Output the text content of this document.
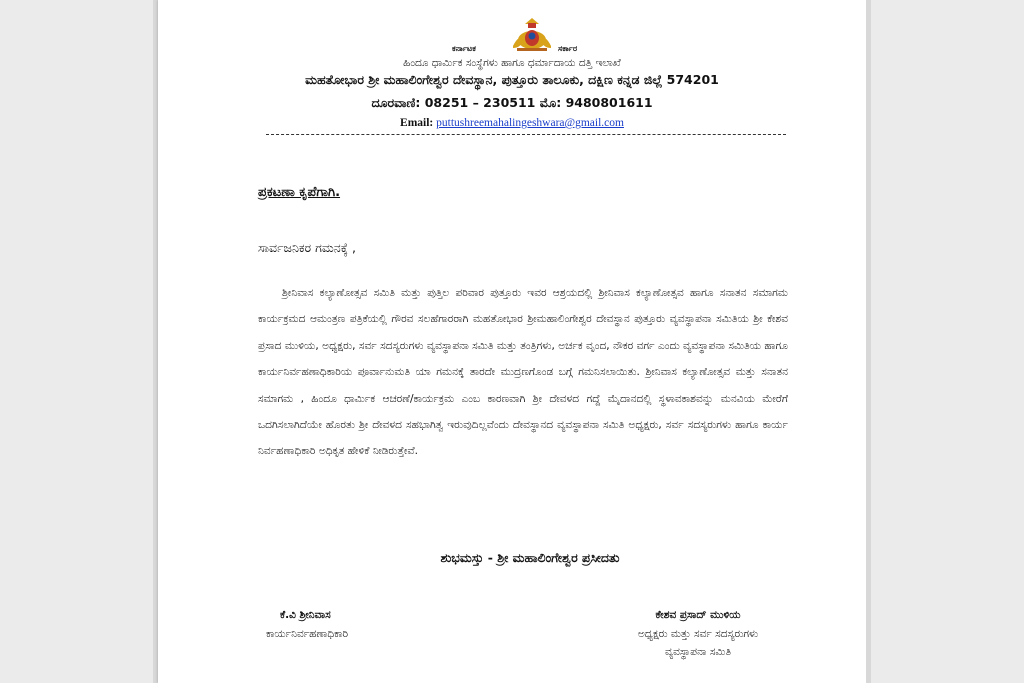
ಕರ್ನಾಟಕ	ಸರ್ಕಾರ
ಹಿಂದೂ ಧಾರ್ಮಿಕ ಸಂಸ್ಥೆಗಳು ಹಾಗೂ ಧರ್ಮಾದಾಯ ದತ್ತಿ ಇಲಾಖೆ
ಮಹತೋಭಾರ ಶ್ರೀ ಮಹಾಲಿಂಗೇಶ್ವರ ದೇವಸ್ಥಾನ, ಪುತ್ತೂರು ತಾಲೂಕು, ದಕ್ಷಿಣ ಕನ್ನಡ ಜಿಲ್ಲೆ 574201
ದೂರವಾಣಿ: 08251 – 230511 ಮೊ: 9480801611
Email: puttushreemahalingeshwara@gmail.com
ಪ್ರಕಟಣಾ ಕೃಪೆಗಾಗಿ.
ಸಾರ್ವಜನಿಕರ ಗಮನಕ್ಕೆ ,

ಶ್ರೀನಿವಾಸ ಕಲ್ಯಾಣೋತ್ಸವ ಸಮಿತಿ ಮತ್ತು ಪುತ್ತಿಲ ಪರಿವಾರ ಪುತ್ತೂರು ಇವರ ಆಶ್ರಯದಲ್ಲಿ ಶ್ರೀನಿವಾಸ ಕಲ್ಯಾಣೋತ್ಸವ ಹಾಗೂ ಸನಾತನ ಸಮಾಗಮ ಕಾರ್ಯಕ್ರಮದ ಆಮಂತ್ರಣ ಪತ್ರಿಕೆಯಲ್ಲಿ ಗೌರವ ಸಲಹೆಗಾರರಾಗಿ ಮಹತೋಭಾರ ಶ್ರೀಮಹಾಲಿಂಗೇಶ್ವರ ದೇವಸ್ಥಾನ ಪುತ್ತೂರು ವ್ಯವಸ್ಥಾಪನಾ ಸಮಿತಿಯ ಶ್ರೀ ಕೇಶವ ಪ್ರಸಾದ ಮುಳಿಯ, ಅಧ್ಯಕ್ಷರು, ಸರ್ವ ಸದಸ್ಯರುಗಳು ವ್ಯವಸ್ಥಾಪನಾ ಸಮಿತಿ ಮತ್ತು ತಂತ್ರಿಗಳು, ಅರ್ಚಕ ವೃಂದ, ನೌಕರ ವರ್ಗ ಎಂದು ವ್ಯವಸ್ಥಾಪನಾ ಸಮಿತಿಯ ಹಾಗೂ ಕಾರ್ಯನಿರ್ವಹಣಾಧಿಕಾರಿಯ ಪೂರ್ವಾನುಮತಿ ಯಾ ಗಮನಕ್ಕೆ ತಾರದೇ ಮುದ್ರಣಗೊಂಡ ಬಗ್ಗೆ ಗಮನಿಸಲಾಯಿತು. ಶ್ರೀನಿವಾಸ ಕಲ್ಯಾಣೋತ್ಸವ ಮತ್ತು ಸನಾತನ ಸಮಾಗಮ , ಹಿಂದೂ ಧಾರ್ಮಿಕ ಆಚರಣೆ/ಕಾರ್ಯಕ್ರಮ ಎಂಬ ಕಾರಣವಾಗಿ ಶ್ರೀ ದೇವಳದ ಗದ್ದೆ ಮೈದಾನದಲ್ಲಿ ಸ್ಥಳಾವಕಾಶವನ್ನು ಮನವಿಯ ಮೇರೆಗೆ ಒದಗಿಸಲಾಗಿದೆಯೇ ಹೊರತು ಶ್ರೀ ದೇವಳದ ಸಹಭಾಗಿತ್ವ ಇರುವುದಿಲ್ಲವೆಂದು ದೇವಸ್ಥಾನದ ವ್ಯವಸ್ಥಾಪನಾ ಸಮಿತಿ ಅಧ್ಯಕ್ಷರು, ಸರ್ವ ಸದಸ್ಯರುಗಳು ಹಾಗೂ ಕಾರ್ಯ ನಿರ್ವಹಣಾಧಿಕಾರಿ ಅಧಿಕೃತ ಹೇಳಿಕೆ ನೀಡಿರುತ್ತೇವೆ.

ಶುಭಮಸ್ತು - ಶ್ರೀ ಮಹಾಲಿಂಗೇಶ್ವರ ಪ್ರಸೀದತು
ಕೆ.ವಿ ಶ್ರೀನಿವಾಸ
ಕಾರ್ಯನಿರ್ವಹಣಾಧಿಕಾರಿ
ಕೇಶವ ಪ್ರಸಾದ್ ಮುಳಿಯ
ಅಧ್ಯಕ್ಷರು ಮತ್ತು ಸರ್ವ ಸದಸ್ಯರುಗಳು
ವ್ಯವಸ್ಥಾಪನಾ ಸಮಿತಿ
